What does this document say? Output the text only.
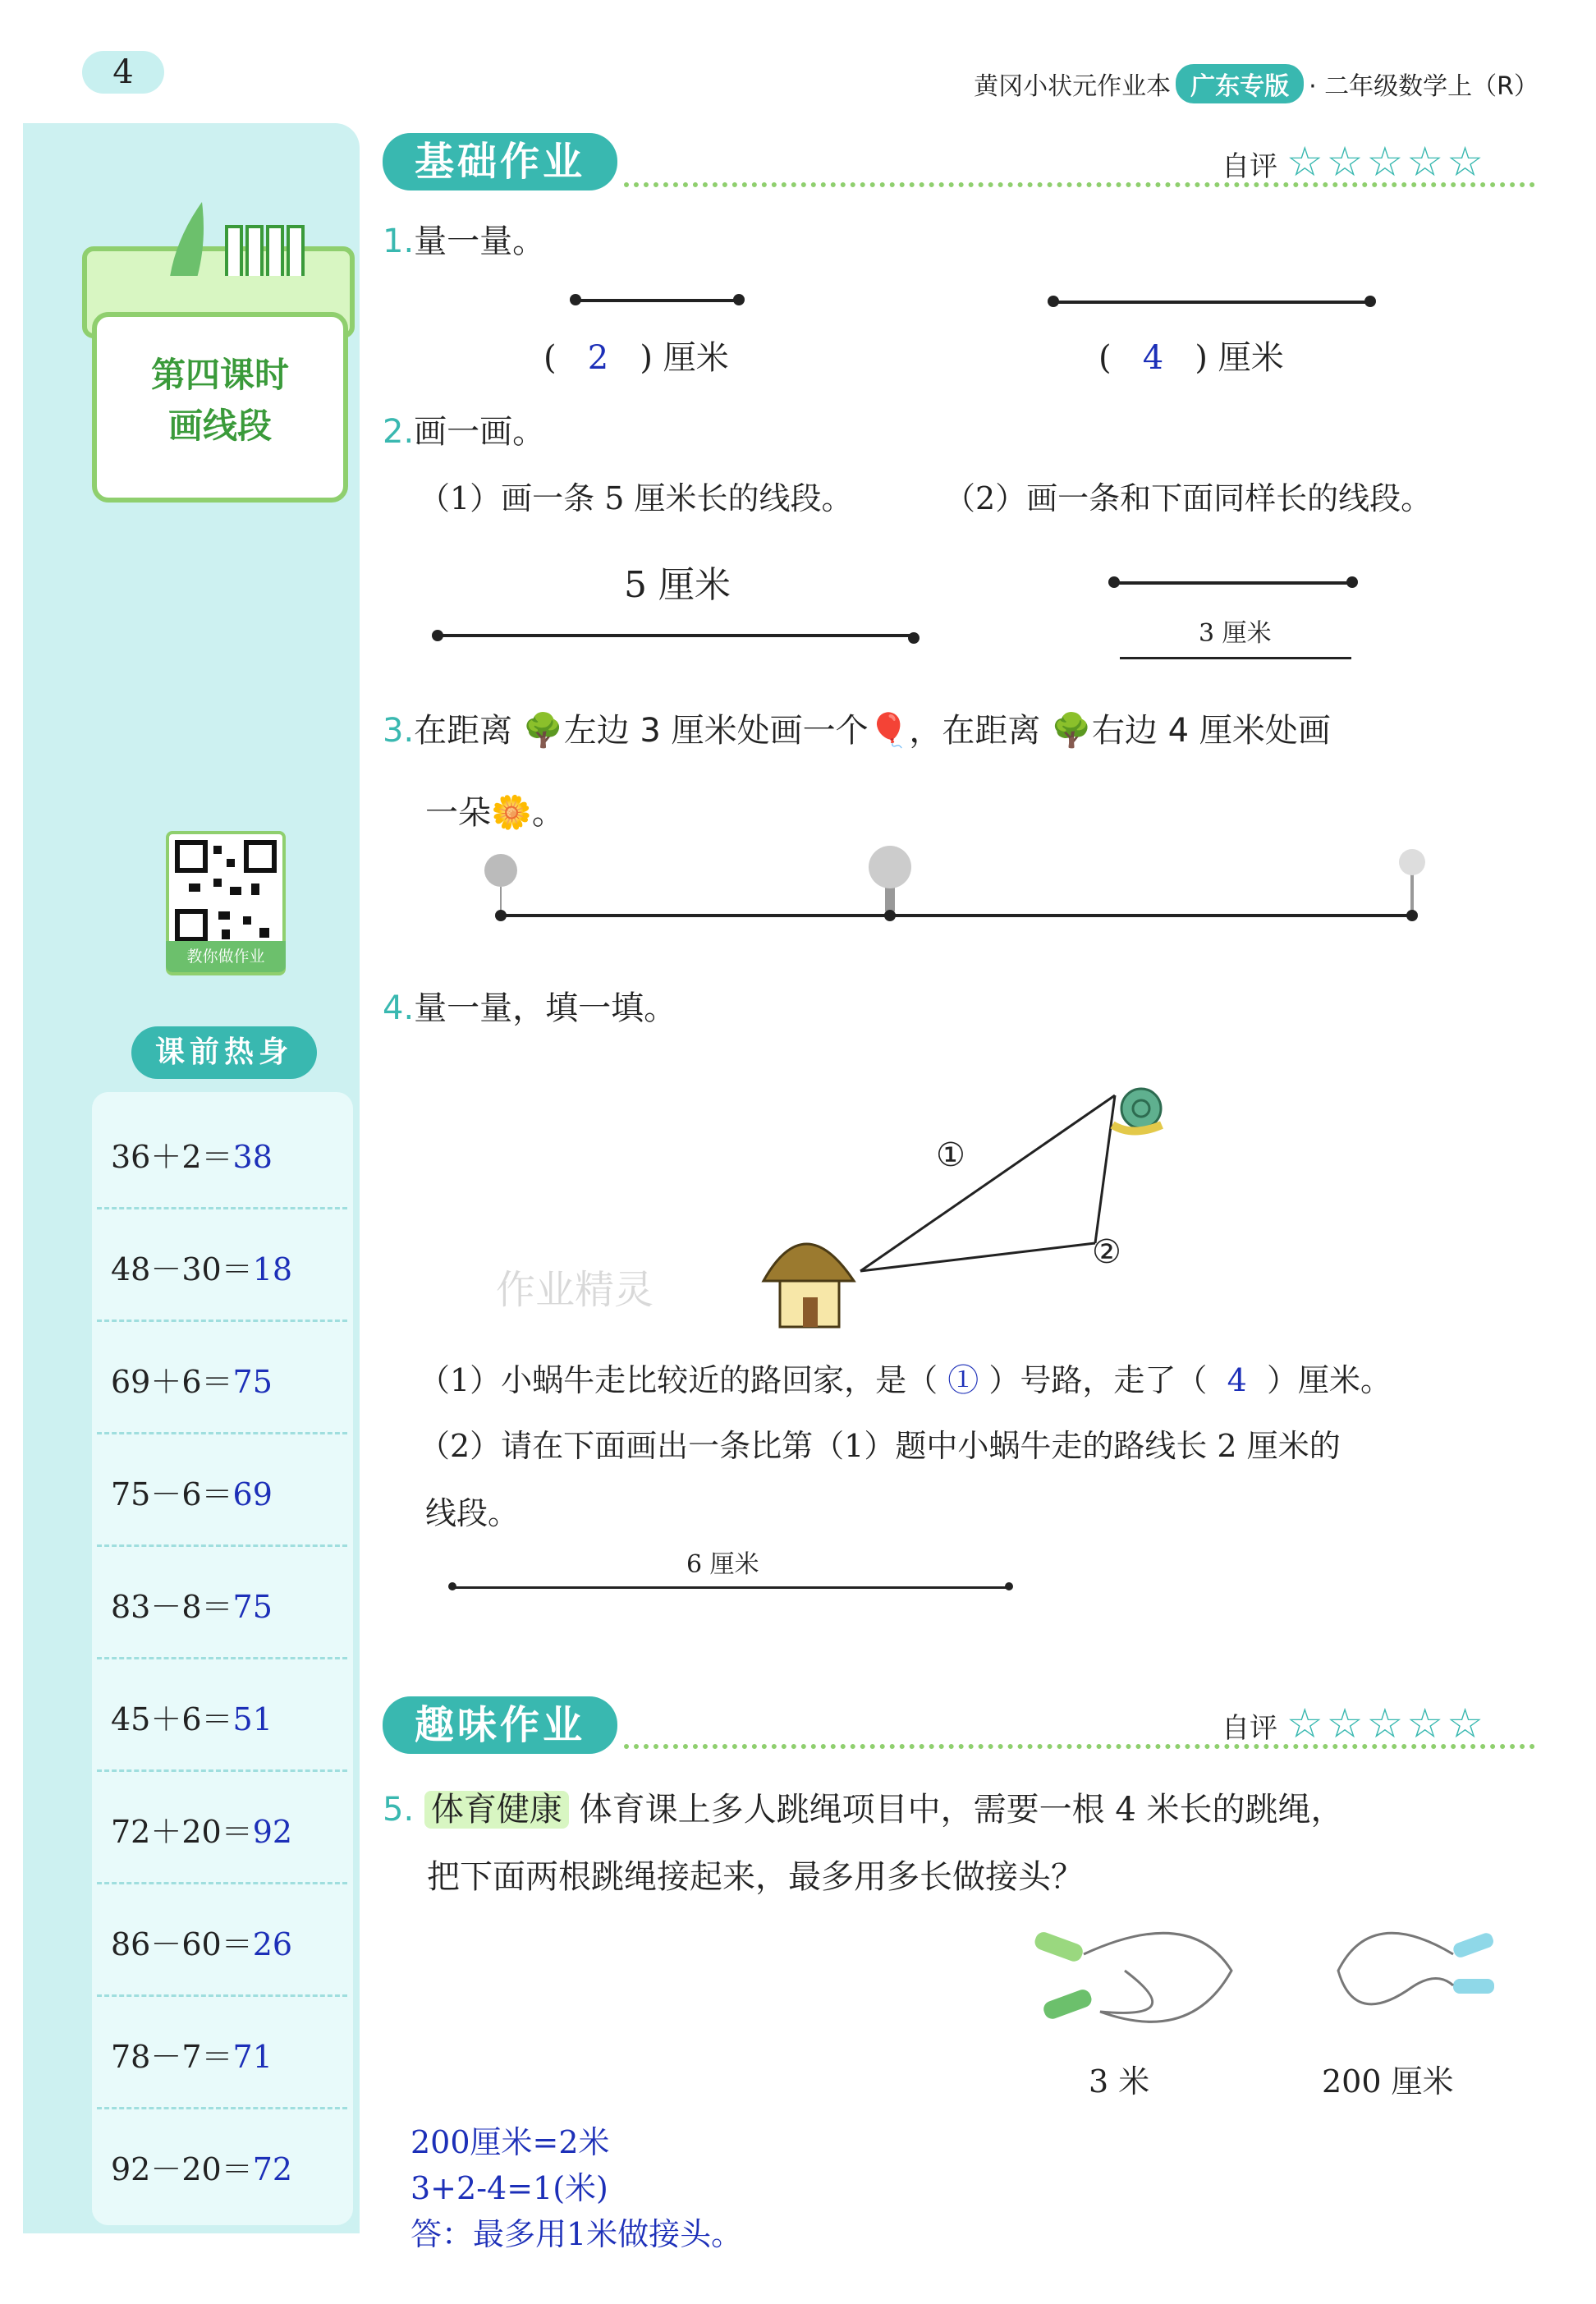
4	黄冈小状元作业本 广东专版 · 二年级数学上（R）
第四课时
画线段
教你做作业
课前热身
36＋2＝38
48－30＝18
69＋6＝75
75－6＝69
83－8＝75
45＋6＝51
72＋20＝92
86－60＝26
78－7＝71
92－20＝72
基础作业	自评 ☆☆☆☆☆
1.量一量。
( 2 ) 厘米	( 4 ) 厘米
2.画一画。
（1）画一条 5 厘米长的线段。	（2）画一条和下面同样长的线段。
5 厘米
3 厘米
3.在距离 🌳左边 3 厘米处画一个🎈，在距离 🌳右边 4 厘米处画
一朵🌼。
4.量一量，填一填。
①
②
作业精灵
（1）小蜗牛走比较近的路回家，是（ ① ）号路，走了（ 4 ）厘米。
（2）请在下面画出一条比第（1）题中小蜗牛走的路线长 2 厘米的
线段。
6 厘米
趣味作业	自评 ☆☆☆☆☆
5. 体育健康 体育课上多人跳绳项目中，需要一根 4 米长的跳绳，
把下面两根跳绳接起来，最多用多长做接头？
3 米	200 厘米
200厘米=2米
3+2-4=1(米)
答：最多用1米做接头。
